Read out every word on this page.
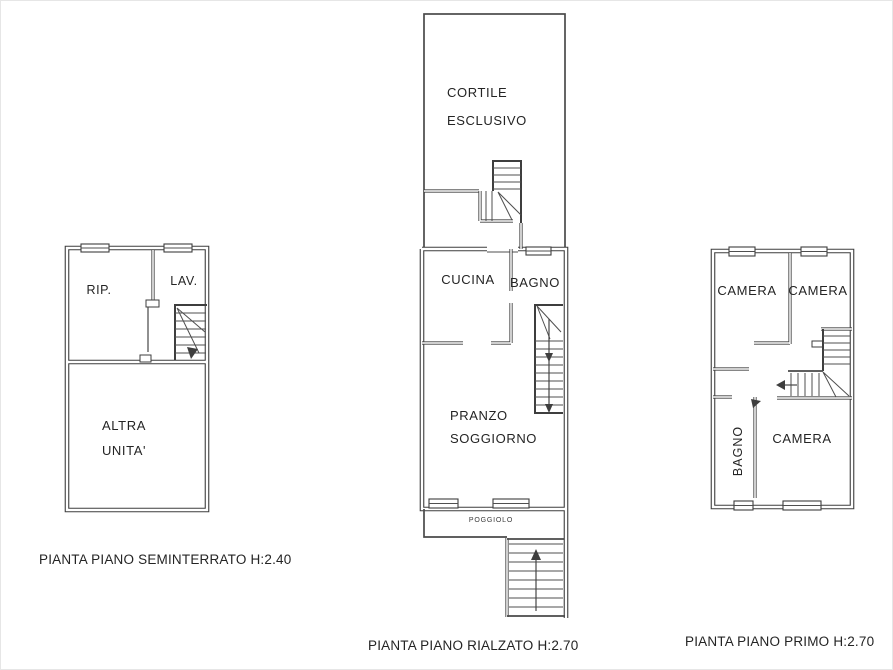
RIP.
LAV.
ALTRA
UNITA'
CORTILE
ESCLUSIVO
CUCINA BAGNO
PRANZO
SOGGIORNO
POGGIOLO
CAMERA CAMERA
CAMERA
BAGNO
PIANTA PIANO SEMINTERRATO H:2.40
PIANTA PIANO RIALZATO H:2.70	PIANTA PIANO PRIMO H:2.70
